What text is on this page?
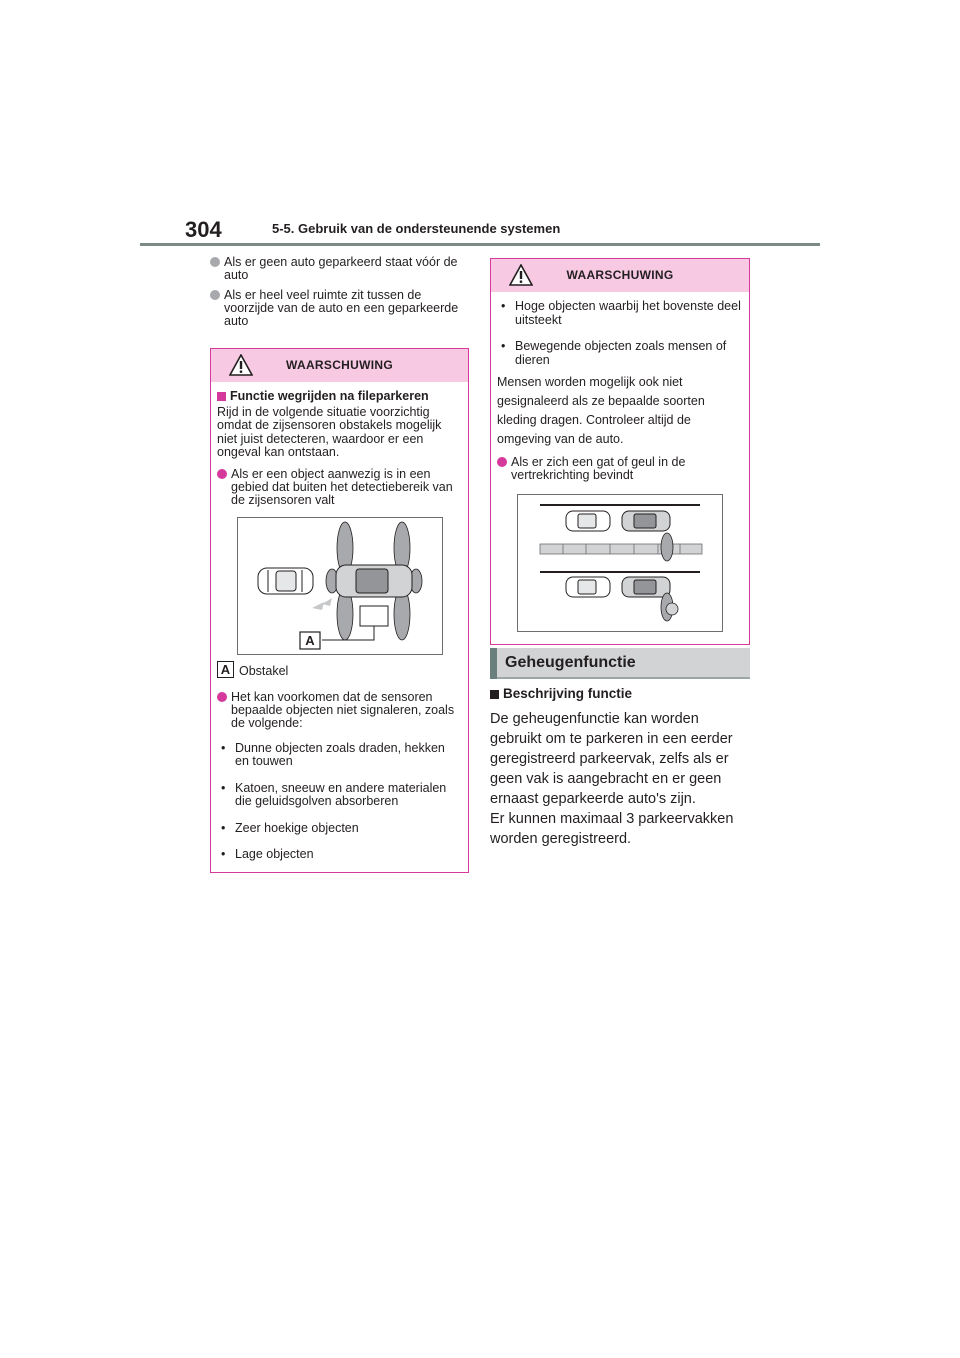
304	5-5. Gebruik van de ondersteunende systemen
Als er geen auto geparkeerd staat vóór de auto
Als er heel veel ruimte zit tussen de voorzijde van de auto en een geparkeerde auto
WAARSCHUWING
Functie wegrijden na fileparkeren
Rijd in de volgende situatie voorzichtig omdat de zijsensoren obstakels mogelijk niet juist detecteren, waardoor er een ongeval kan ontstaan.
Als er een object aanwezig is in een gebied dat buiten het detectiebereik van de zijsensoren valt
A
A Obstakel
Het kan voorkomen dat de sensoren bepaalde objecten niet signaleren, zoals de volgende:
• Dunne objecten zoals draden, hekken en touwen
• Katoen, sneeuw en andere materialen die geluidsgolven absorberen
• Zeer hoekige objecten
• Lage objecten
WAARSCHUWING
• Hoge objecten waarbij het bovenste deel uitsteekt
• Bewegende objecten zoals mensen of dieren
Mensen worden mogelijk ook niet gesignaleerd als ze bepaalde soorten kleding dragen. Controleer altijd de omgeving van de auto.
Als er zich een gat of geul in de vertrekrichting bevindt
Geheugenfunctie
Beschrijving functie
De geheugenfunctie kan worden gebruikt om te parkeren in een eerder geregistreerd parkeervak, zelfs als er geen vak is aangebracht en er geen ernaast geparkeerde auto's zijn.
Er kunnen maximaal 3 parkeervakken worden geregistreerd.
